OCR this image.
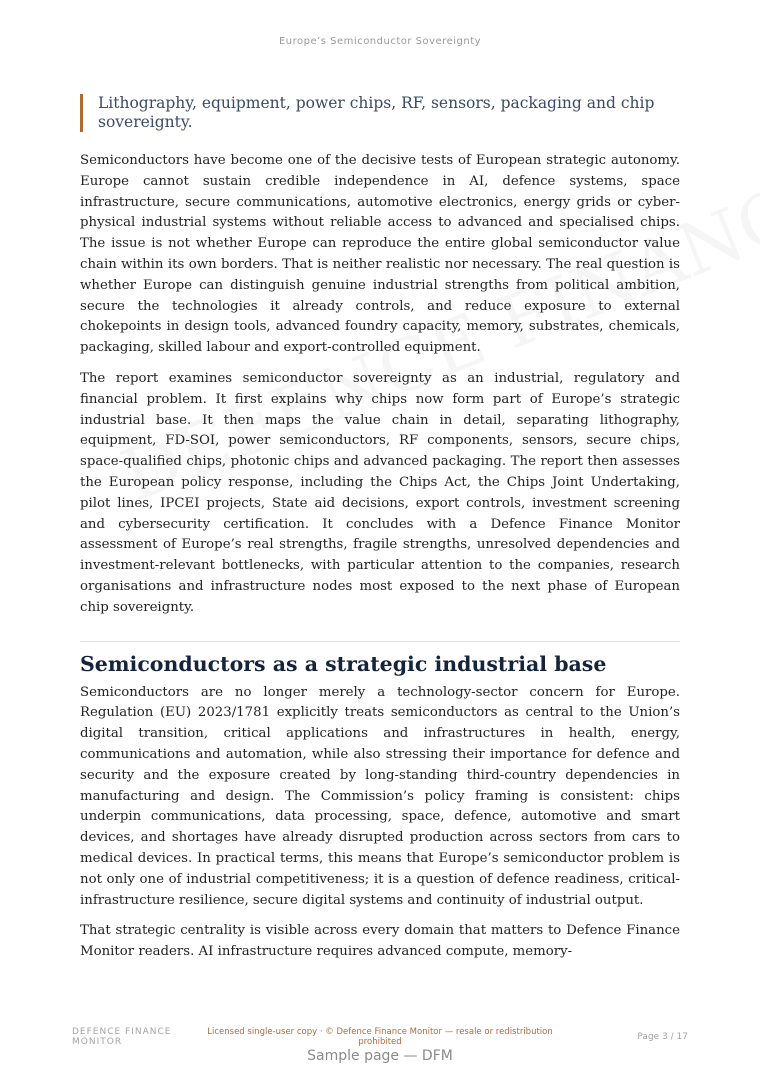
Europe’s Semiconductor Sovereignty
Lithography, equipment, power chips, RF, sensors, packaging and chip sovereignty.

Semiconductors have become one of the decisive tests of European strategic autonomy. Europe cannot sustain credible independence in AI, defence systems, space infrastructure, secure communications, automotive electronics, energy grids or cyber-physical industrial systems without reliable access to advanced and specialised chips. The issue is not whether Europe can reproduce the entire global semiconductor value chain within its own borders. That is neither realistic nor necessary. The real question is whether Europe can distinguish genuine industrial strengths from political ambition, secure the technologies it already controls, and reduce exposure to external chokepoints in design tools, advanced foundry capacity, memory, substrates, chemicals, packaging, skilled labour and export-controlled equipment.

The report examines semiconductor sovereignty as an industrial, regulatory and financial problem. It first explains why chips now form part of Europe’s strategic industrial base. It then maps the value chain in detail, separating lithography, equipment, FD-SOI, power semiconductors, RF components, sensors, secure chips, space-qualified chips, photonic chips and advanced packaging. The report then assesses the European policy response, including the Chips Act, the Chips Joint Undertaking, pilot lines, IPCEI projects, State aid decisions, export controls, investment screening and cybersecurity certification. It concludes with a Defence Finance Monitor assessment of Europe’s real strengths, fragile strengths, unresolved dependencies and investment-relevant bottlenecks, with particular attention to the companies, research organisations and infrastructure nodes most exposed to the next phase of European chip sovereignty.

Semiconductors as a strategic industrial base

Semiconductors are no longer merely a technology-sector concern for Europe. Regulation (EU) 2023/1781 explicitly treats semiconductors as central to the Union’s digital transition, critical applications and infrastructures in health, energy, communications and automation, while also stressing their importance for defence and security and the exposure created by long-standing third-country dependencies in manufacturing and design. The Commission’s policy framing is consistent: chips underpin communications, data processing, space, defence, automotive and smart devices, and shortages have already disrupted production across sectors from cars to medical devices. In practical terms, this means that Europe’s semiconductor problem is not only one of industrial competitiveness; it is a question of defence readiness, critical-infrastructure resilience, secure digital systems and continuity of industrial output.

That strategic centrality is visible across every domain that matters to Defence Finance Monitor readers. AI infrastructure requires advanced compute, memory-

DEFENCE FINANCE MONITOR
Licensed single-user copy · © Defence Finance Monitor — resale or redistribution prohibited	Page 3 / 17
Sample page — DFM
